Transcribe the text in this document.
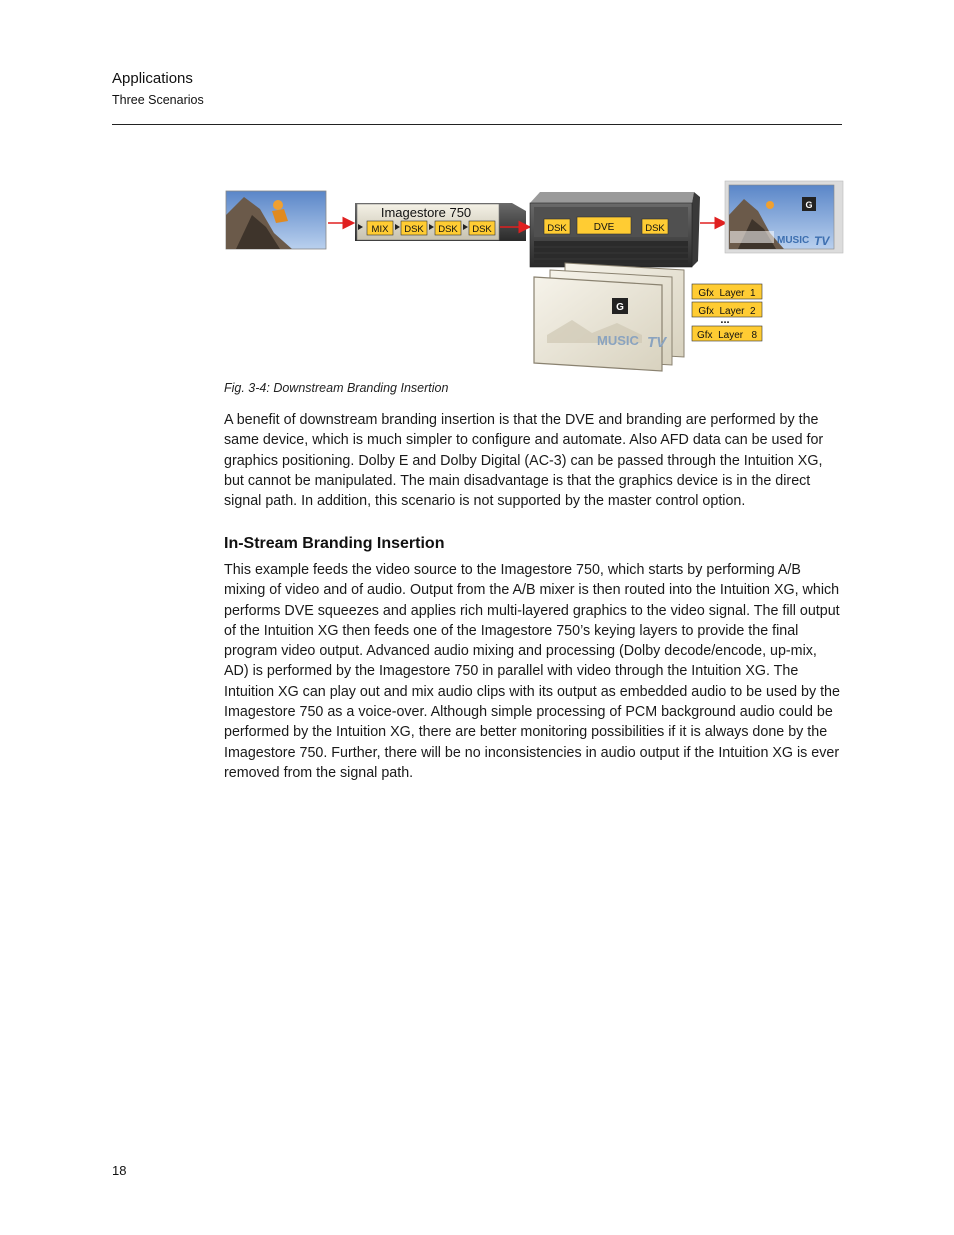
Applications
Three Scenarios
Imagestore 750
MIX DSK DSK DSK	DSK	DVE	DSK
G
MUSIC TV
G
MUSIC TV
Gfx  Layer  1
Gfx  Layer  2
...
Gfx  Layer   8
Fig. 3-4: Downstream Branding Insertion

A benefit of downstream branding insertion is that the DVE and branding are performed by the same device, which is much simpler to configure and automate. Also AFD data can be used for graphics positioning. Dolby E and Dolby Digital (AC-3) can be passed through the Intuition XG, but cannot be manipulated. The main disadvantage is that the graphics device is in the direct signal path. In addition, this scenario is not supported by the master control option.

In-Stream Branding Insertion

This example feeds the video source to the Imagestore 750, which starts by performing A/B mixing of video and of audio. Output from the A/B mixer is then routed into the Intuition XG, which performs DVE squeezes and applies rich multi-layered graphics to the video signal. The fill output of the Intuition XG then feeds one of the Imagestore 750’s keying layers to provide the final program video output. Advanced audio mixing and processing (Dolby decode/encode, up-mix, AD) is performed by the Imagestore 750 in parallel with video through the Intuition XG. The Intuition XG can play out and mix audio clips with its output as embedded audio to be used by the Imagestore 750 as a voice-over. Although simple processing of PCM background audio could be performed by the Intuition XG, there are better monitoring possibilities if it is always done by the Imagestore 750. Further, there will be no inconsistencies in audio output if the Intuition XG is ever removed from the signal path.

18
